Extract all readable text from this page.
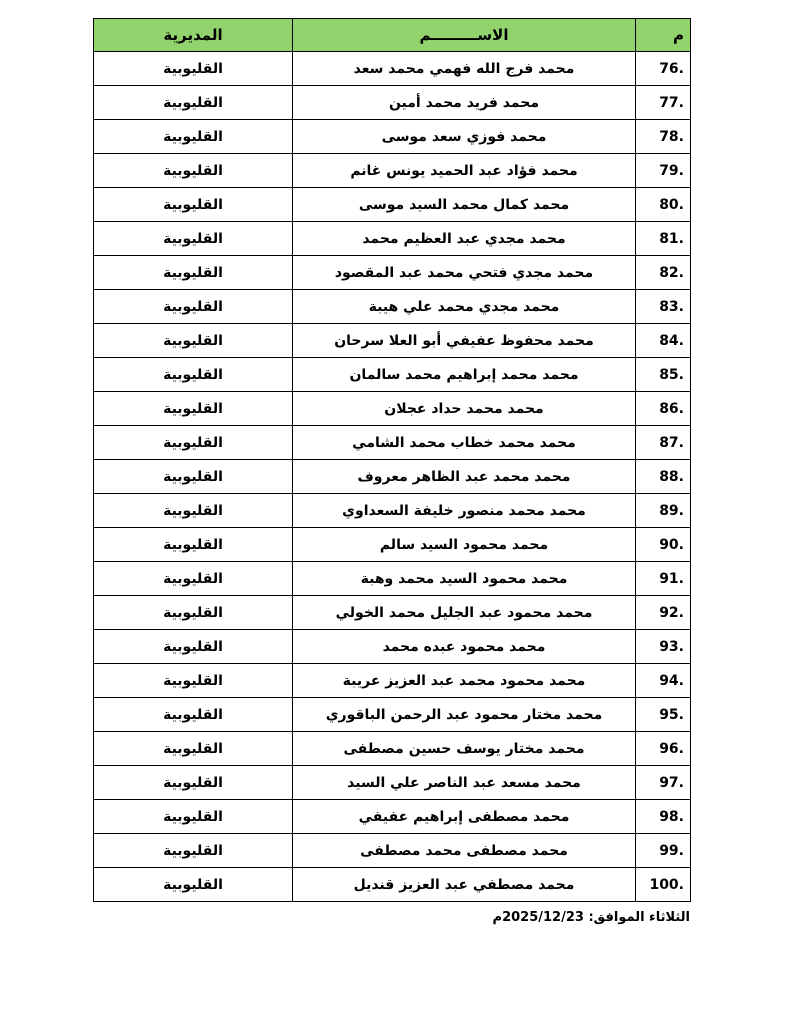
م	الاســـــــــم	المديرية
76.	محمد فرج الله فهمي محمد سعد	القليوبية
77.	محمد فريد محمد أمين	القليوبية
78.	محمد فوزي سعد موسى	القليوبية
79.	محمد فؤاد عبد الحميد يونس غانم	القليوبية
80.	محمد كمال محمد السيد موسى	القليوبية
81.	محمد مجدي عبد العظيم محمد	القليوبية
82.	محمد مجدي فتحي محمد عبد المقصود	القليوبية
83.	محمد مجدي محمد علي هيبة	القليوبية
84.	محمد محفوظ عفيفي أبو العلا سرحان	القليوبية
85.	محمد محمد إبراهيم محمد سالمان	القليوبية
86.	محمد محمد حداد عجلان	القليوبية
87.	محمد محمد خطاب محمد الشامي	القليوبية
88.	محمد محمد عبد الظاهر معروف	القليوبية
89.	محمد محمد منصور خليفة السعداوي	القليوبية
90.	محمد محمود السيد سالم	القليوبية
91.	محمد محمود السيد محمد وهبة	القليوبية
92.	محمد محمود عبد الجليل محمد الخولي	القليوبية
93.	محمد محمود عبده محمد	القليوبية
94.	محمد محمود محمد عبد العزيز عريبة	القليوبية
95.	محمد مختار محمود عبد الرحمن الباقوري	القليوبية
96.	محمد مختار يوسف حسين مصطفى	القليوبية
97.	محمد مسعد عبد الناصر علي السيد	القليوبية
98.	محمد مصطفى إبراهيم عفيفي	القليوبية
99.	محمد مصطفى محمد مصطفى	القليوبية
100.	محمد مصطفي عبد العزيز قنديل	القليوبية
الثلاثاء الموافق: 2025/12/23م
